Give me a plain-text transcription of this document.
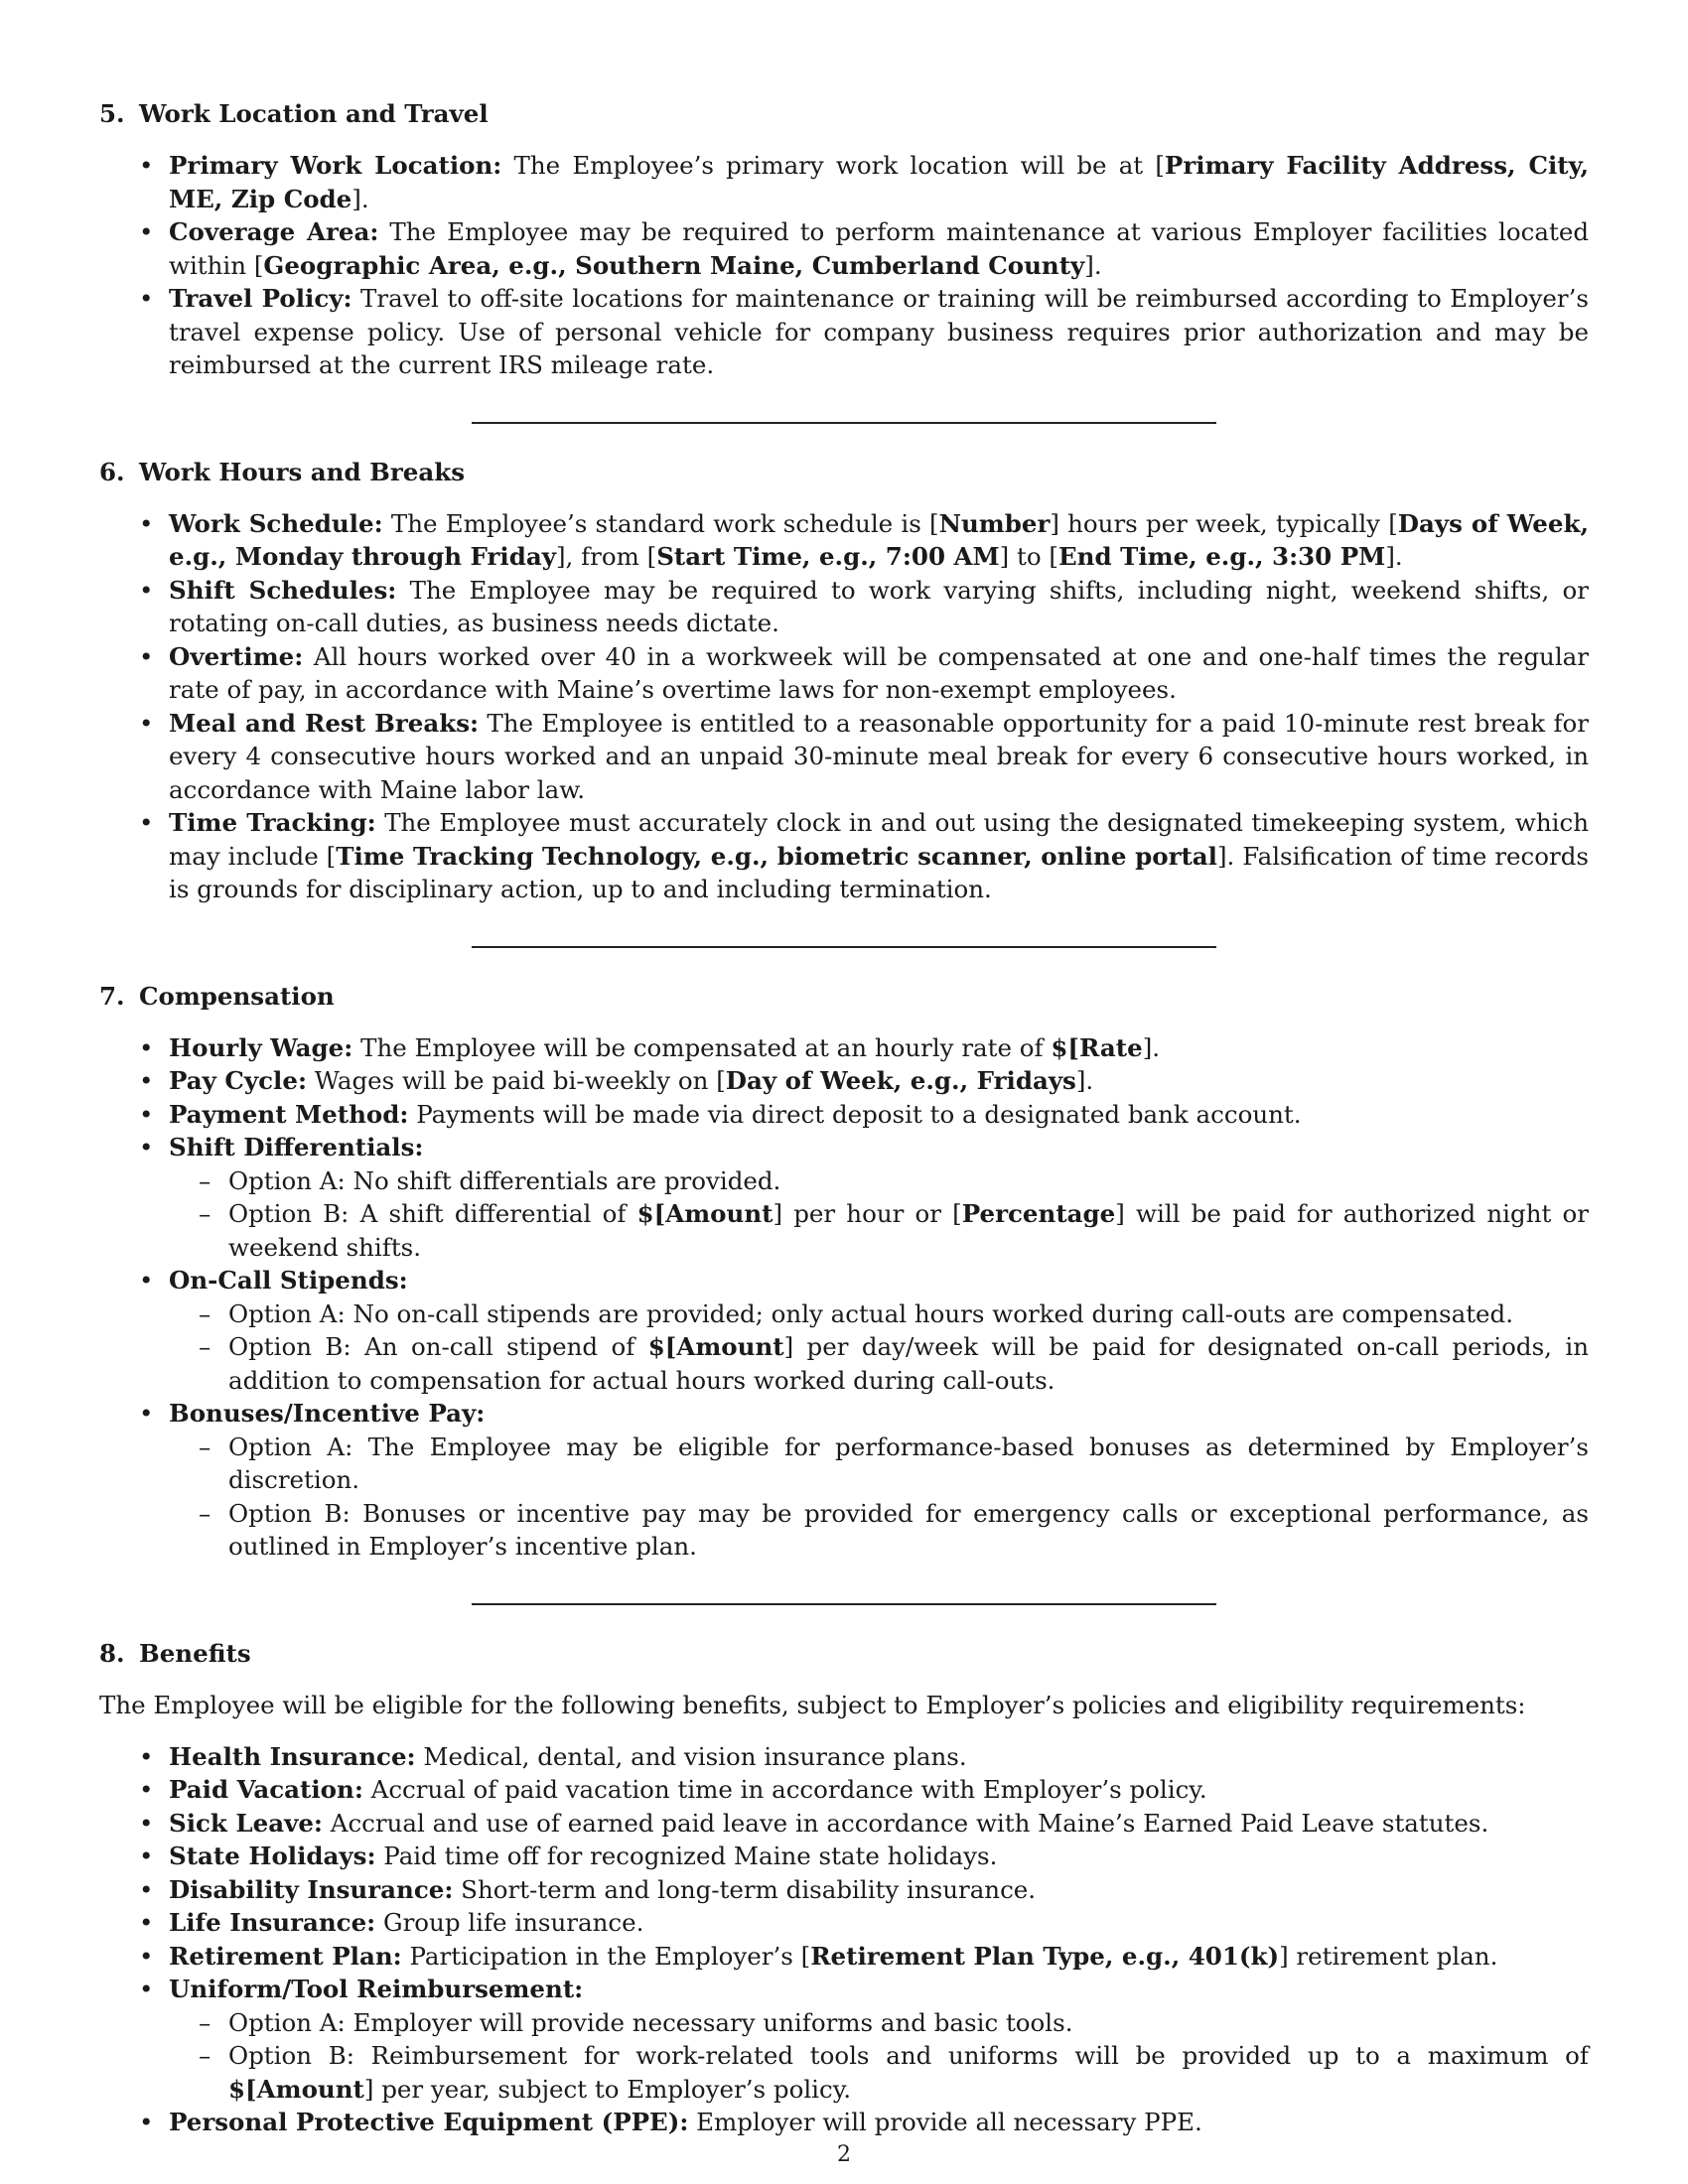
5. Work Location and Travel
• Primary Work Location: The Employee’s primary work location will be at [Primary Facility Address, City, ME, Zip Code].
• Coverage Area: The Employee may be required to perform maintenance at various Employer facilities located within [Geographic Area, e.g., Southern Maine, Cumberland County].
• Travel Policy: Travel to off-site locations for maintenance or training will be reimbursed according to Employer’s travel expense policy. Use of personal vehicle for company business requires prior authorization and may be reimbursed at the current IRS mileage rate.
6. Work Hours and Breaks
• Work Schedule: The Employee’s standard work schedule is [Number] hours per week, typically [Days of Week, e.g., Monday through Friday], from [Start Time, e.g., 7:00 AM] to [End Time, e.g., 3:30 PM].
• Shift Schedules: The Employee may be required to work varying shifts, including night, weekend shifts, or rotating on-call duties, as business needs dictate.
• Overtime: All hours worked over 40 in a workweek will be compensated at one and one-half times the regular rate of pay, in accordance with Maine’s overtime laws for non-exempt employees.
• Meal and Rest Breaks: The Employee is entitled to a reasonable opportunity for a paid 10-minute rest break for every 4 consecutive hours worked and an unpaid 30-minute meal break for every 6 consecutive hours worked, in accordance with Maine labor law.
• Time Tracking: The Employee must accurately clock in and out using the designated timekeeping system, which may include [Time Tracking Technology, e.g., biometric scanner, online portal]. Falsification of time records is grounds for disciplinary action, up to and including termination.
7. Compensation
• Hourly Wage: The Employee will be compensated at an hourly rate of $[Rate].
• Pay Cycle: Wages will be paid bi-weekly on [Day of Week, e.g., Fridays].
• Payment Method: Payments will be made via direct deposit to a designated bank account.
• Shift Differentials:
– Option A: No shift differentials are provided.
– Option B: A shift differential of $[Amount] per hour or [Percentage] will be paid for authorized night or weekend shifts.
• On-Call Stipends:
– Option A: No on-call stipends are provided; only actual hours worked during call-outs are compensated.
– Option B: An on-call stipend of $[Amount] per day/week will be paid for designated on-call periods, in addition to compensation for actual hours worked during call-outs.
• Bonuses/Incentive Pay:
– Option A: The Employee may be eligible for performance-based bonuses as determined by Employer’s discretion.
– Option B: Bonuses or incentive pay may be provided for emergency calls or exceptional performance, as outlined in Employer’s incentive plan.
8. Benefits

The Employee will be eligible for the following benefits, subject to Employer’s policies and eligibility requirements:

• Health Insurance: Medical, dental, and vision insurance plans.
• Paid Vacation: Accrual of paid vacation time in accordance with Employer’s policy.
• Sick Leave: Accrual and use of earned paid leave in accordance with Maine’s Earned Paid Leave statutes.
• State Holidays: Paid time off for recognized Maine state holidays.
• Disability Insurance: Short-term and long-term disability insurance.
• Life Insurance: Group life insurance.
• Retirement Plan: Participation in the Employer’s [Retirement Plan Type, e.g., 401(k)] retirement plan.
• Uniform/Tool Reimbursement:
– Option A: Employer will provide necessary uniforms and basic tools.
– Option B: Reimbursement for work-related tools and uniforms will be provided up to a maximum of $[Amount] per year, subject to Employer’s policy.
• Personal Protective Equipment (PPE): Employer will provide all necessary PPE.
2
